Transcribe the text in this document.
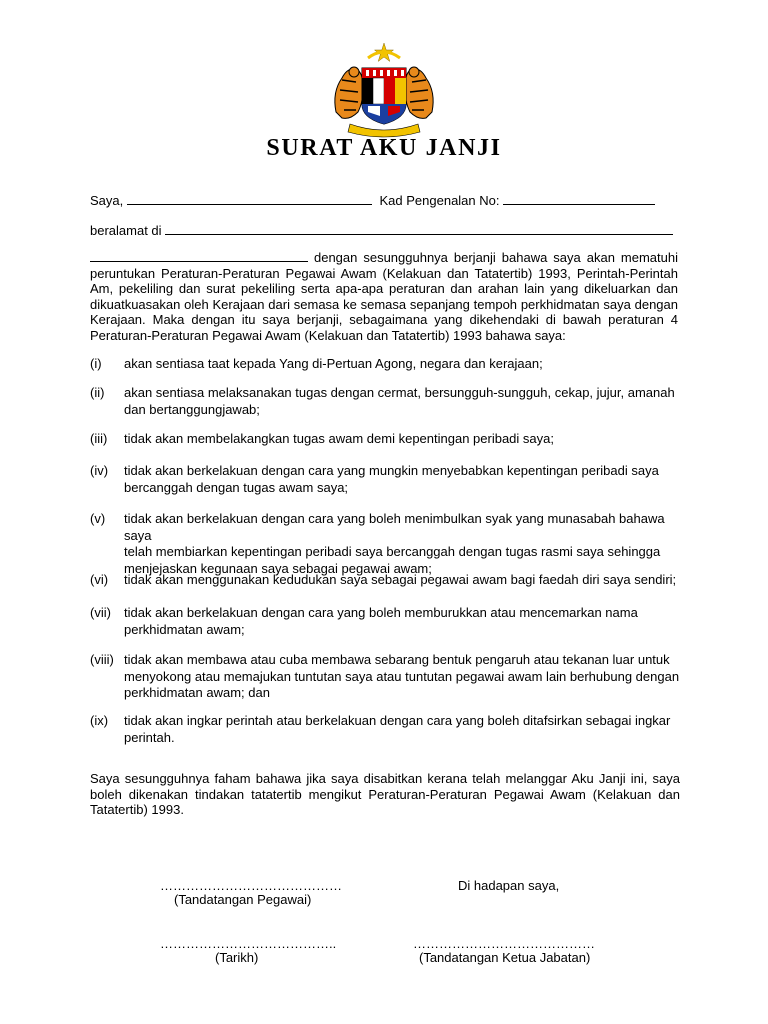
SURAT AKU JANJI
Saya,	Kad Pengenalan No:
beralamat di
dengan sesungguhnya berjanji bahawa saya akan mematuhi peruntukan Peraturan-Peraturan Pegawai Awam (Kelakuan dan Tatatertib) 1993, Perintah-Perintah Am, pekeliling dan surat pekeliling serta apa-apa peraturan dan arahan lain yang dikeluarkan dan dikuatkuasakan oleh Kerajaan dari semasa ke semasa sepanjang tempoh perkhidmatan saya dengan Kerajaan. Maka dengan itu saya berjanji, sebagaimana yang dikehendaki di bawah peraturan 4 Peraturan-Peraturan Pegawai Awam (Kelakuan dan Tatatertib) 1993 bahawa saya:
(i) akan sentiasa taat kepada Yang di-Pertuan Agong, negara dan kerajaan;
(ii) akan sentiasa melaksanakan tugas dengan cermat, bersungguh-sungguh, cekap, jujur, amanah
dan bertanggungjawab;
(iii) tidak akan membelakangkan tugas awam demi kepentingan peribadi saya;
(iv) tidak akan berkelakuan dengan cara yang mungkin menyebabkan kepentingan peribadi saya
bercanggah dengan tugas awam saya;
(v) tidak akan berkelakuan dengan cara yang boleh menimbulkan syak yang munasabah bahawa saya
telah membiarkan kepentingan peribadi saya bercanggah dengan tugas rasmi saya sehingga
menjejaskan kegunaan saya sebagai pegawai awam;
(vi) tidak akan menggunakan kedudukan saya sebagai pegawai awam bagi faedah diri saya sendiri;
(vii) tidak akan berkelakuan dengan cara yang boleh memburukkan atau mencemarkan nama
perkhidmatan awam;
(viii) tidak akan membawa atau cuba membawa sebarang bentuk pengaruh atau tekanan luar untuk
menyokong atau memajukan tuntutan saya atau tuntutan pegawai awam lain berhubung dengan
perkhidmatan awam; dan
(ix) tidak akan ingkar perintah atau berkelakuan dengan cara yang boleh ditafsirkan sebagai ingkar
perintah.
Saya sesungguhnya faham bahawa jika saya disabitkan kerana telah melanggar Aku Janji ini, saya boleh dikenakan tindakan tatatertib mengikut Peraturan-Peraturan Pegawai Awam (Kelakuan dan Tatatertib) 1993.
……………………………………
(Tandatangan Pegawai)
Di hadapan saya,
…………………………………..
(Tarikh)
……………………………………
(Tandatangan Ketua Jabatan)
